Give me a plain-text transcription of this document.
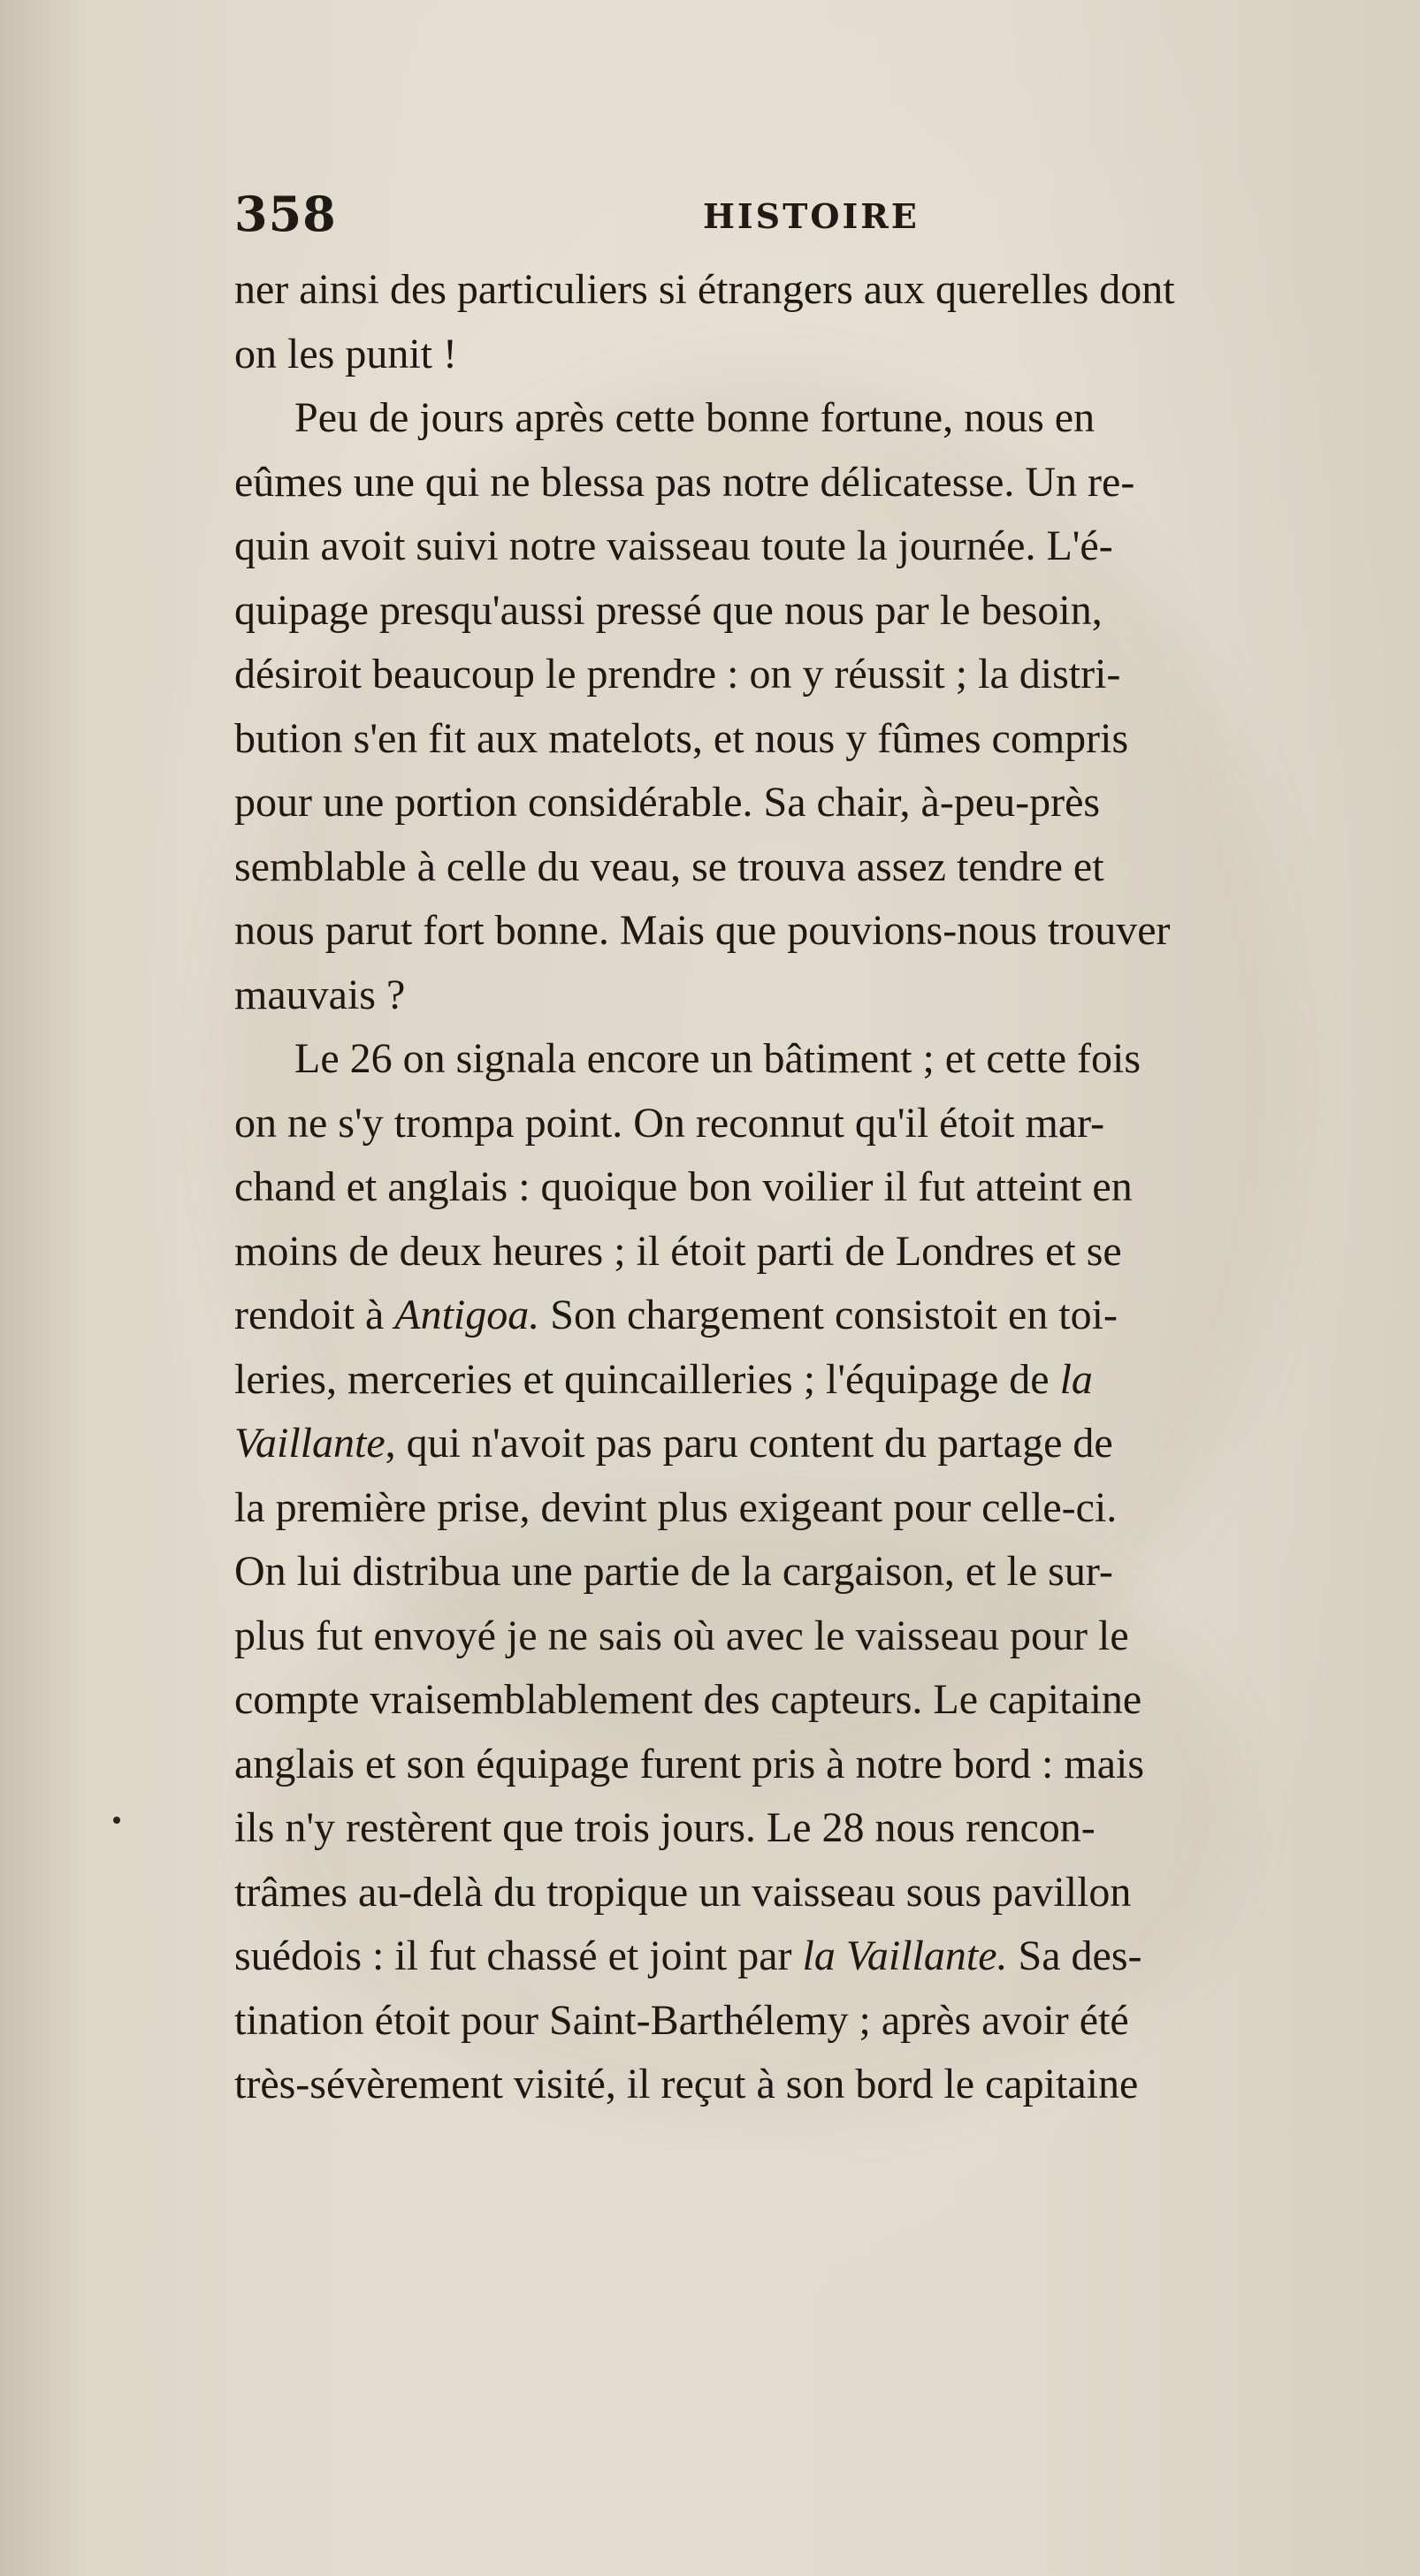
358	HISTOIRE
ner ainsi des particuliers si étrangers aux querelles dont
on les punit !
Peu de jours après cette bonne fortune, nous en
eûmes une qui ne blessa pas notre délicatesse. Un re-
quin avoit suivi notre vaisseau toute la journée. L'é-
quipage presqu'aussi pressé que nous par le besoin,
désiroit beaucoup le prendre : on y réussit ; la distri-
bution s'en fit aux matelots, et nous y fûmes compris
pour une portion considérable. Sa chair, à-peu-près
semblable à celle du veau, se trouva assez tendre et
nous parut fort bonne. Mais que pouvions-nous trouver
mauvais ?
Le 26 on signala encore un bâtiment ; et cette fois
on ne s'y trompa point. On reconnut qu'il étoit mar-
chand et anglais : quoique bon voilier il fut atteint en
moins de deux heures ; il étoit parti de Londres et se
rendoit à Antigoa. Son chargement consistoit en toi-
leries, merceries et quincailleries ; l'équipage de la
Vaillante, qui n'avoit pas paru content du partage de
la première prise, devint plus exigeant pour celle-ci.
On lui distribua une partie de la cargaison, et le sur-
plus fut envoyé je ne sais où avec le vaisseau pour le
compte vraisemblablement des capteurs. Le capitaine
anglais et son équipage furent pris à notre bord : mais
ils n'y restèrent que trois jours. Le 28 nous rencon-
trâmes au-delà du tropique un vaisseau sous pavillon
suédois : il fut chassé et joint par la Vaillante. Sa des-
tination étoit pour Saint-Barthélemy ; après avoir été
très-sévèrement visité, il reçut à son bord le capitaine
